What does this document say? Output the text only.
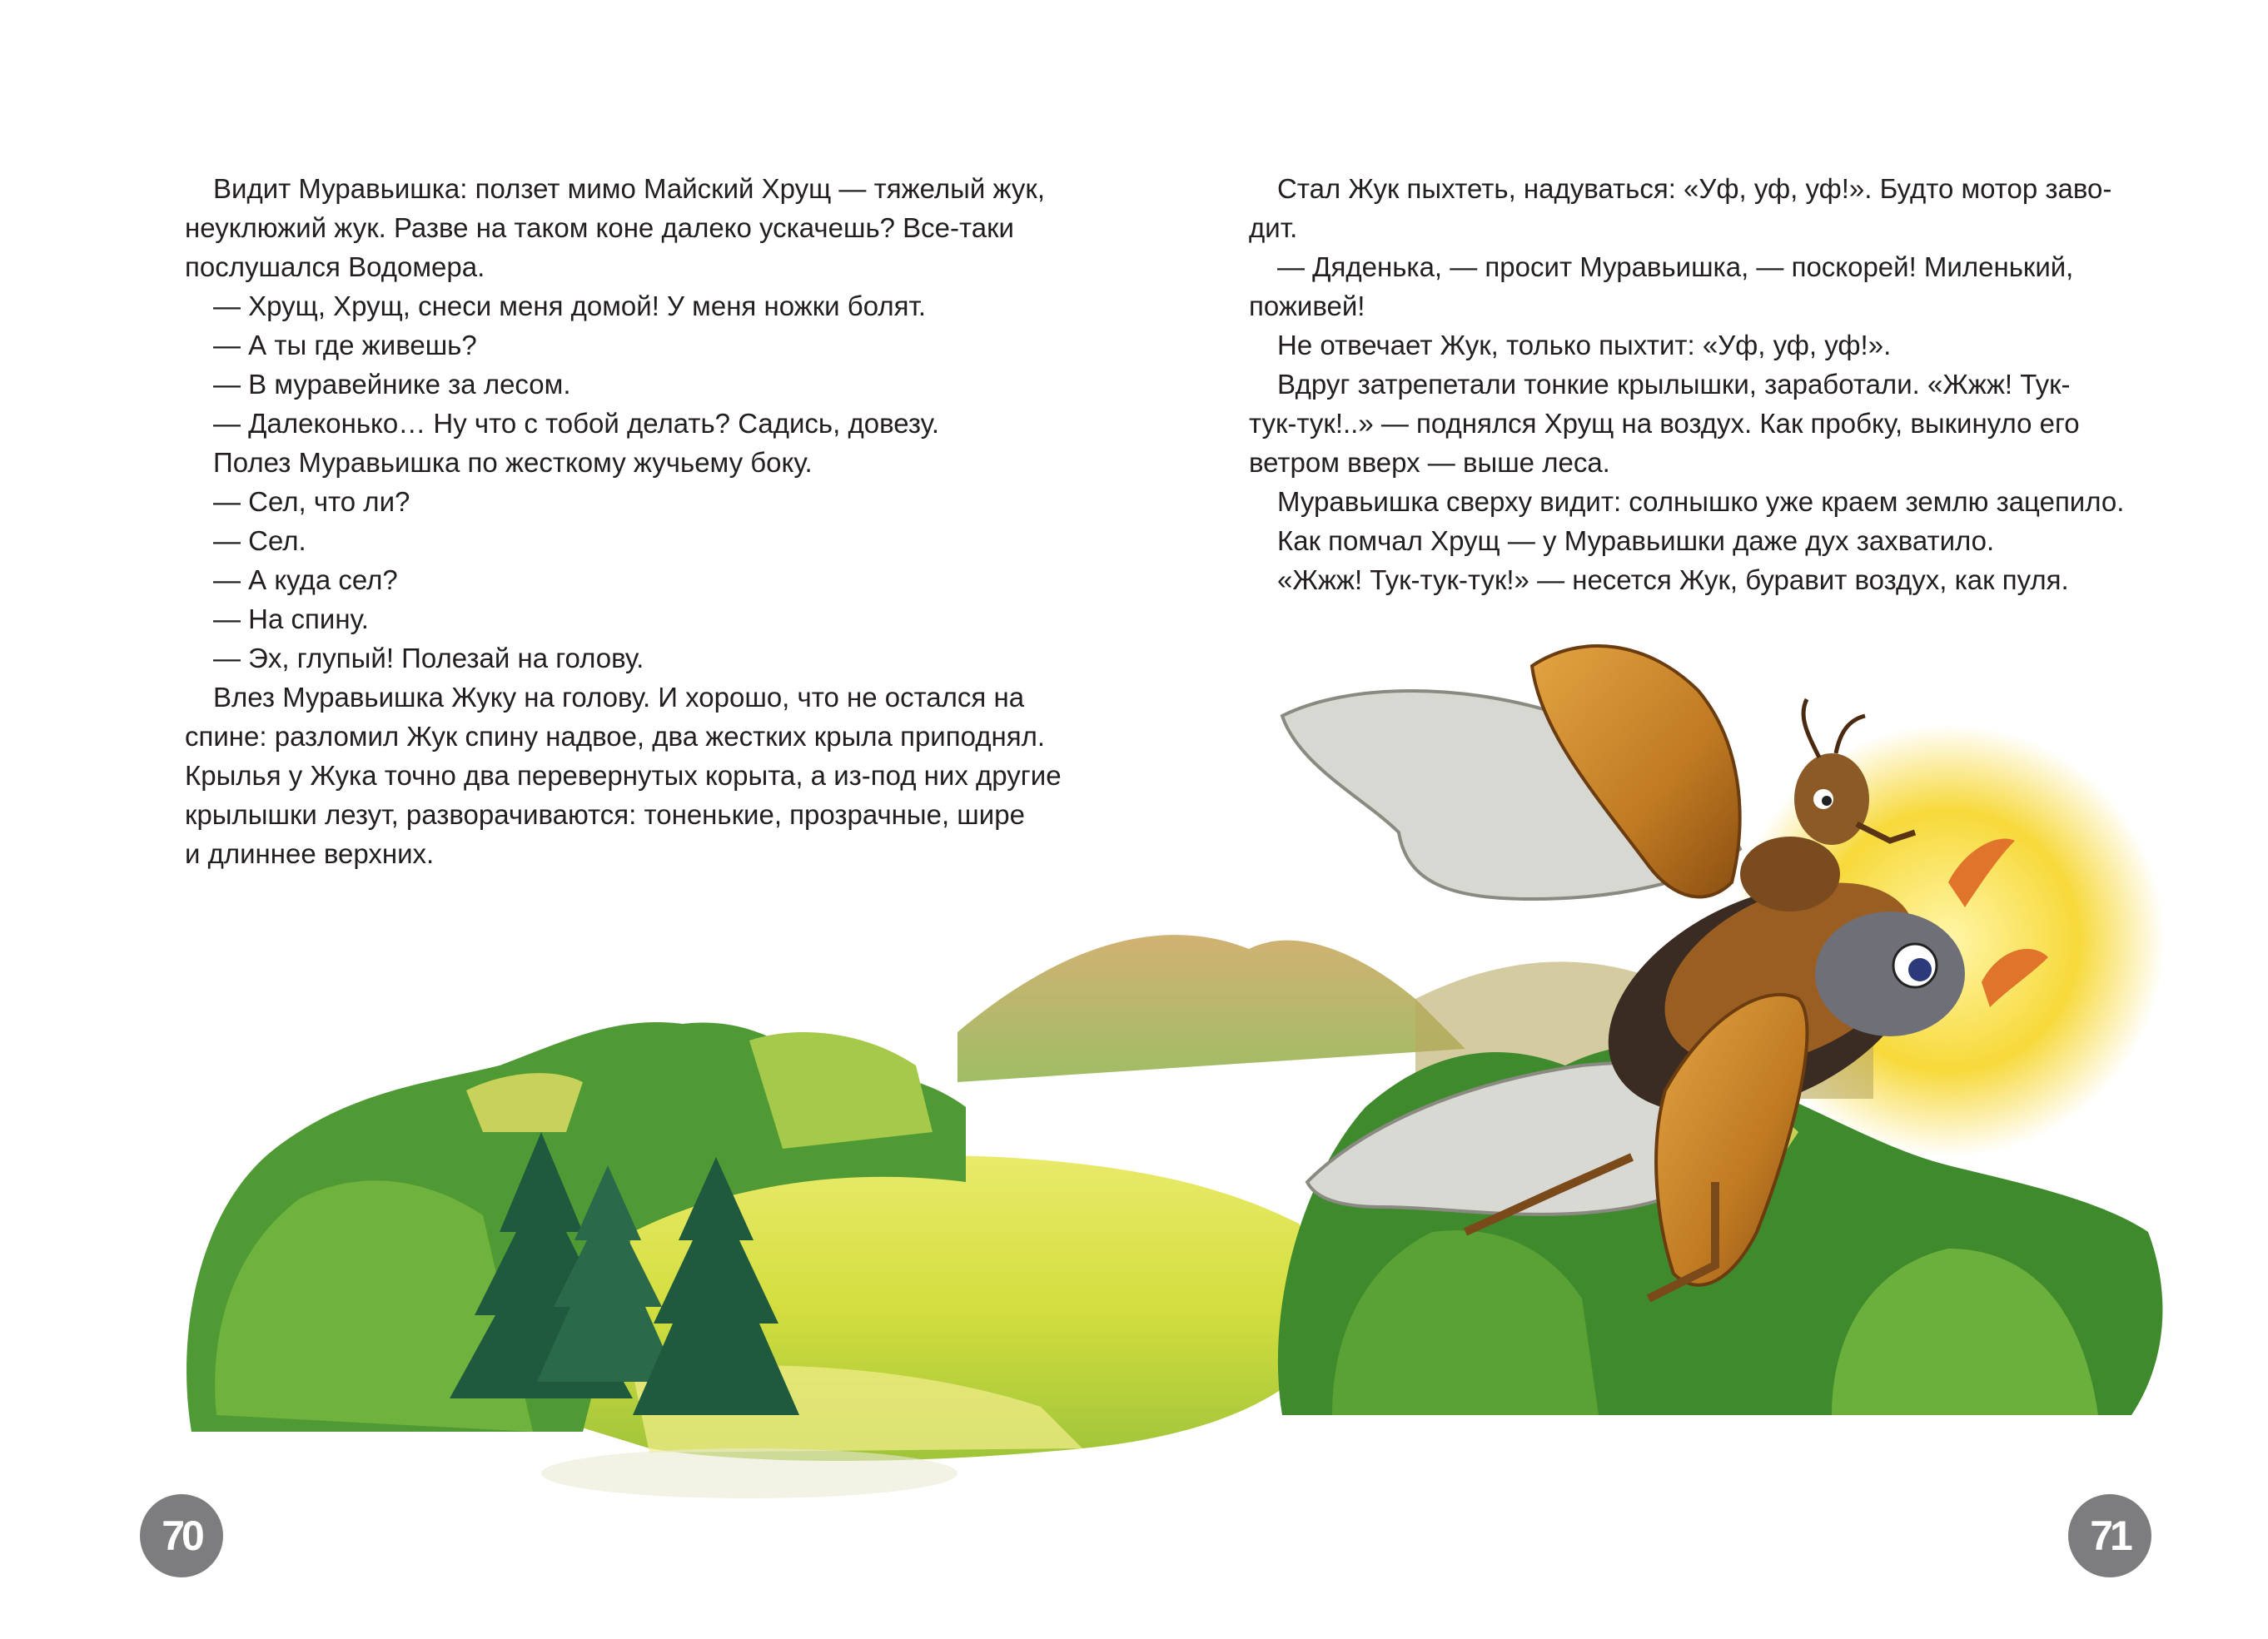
Видит Муравьишка: ползет мимо Майский Хрущ — тяжелый жук,

неуклюжий жук. Разве на таком коне далеко ускачешь? Все-таки

послушался Водомера.

— Хрущ, Хрущ, снеси меня домой! У меня ножки болят.

— А ты где живешь?

— В муравейнике за лесом.

— Далеконько… Ну что с тобой делать? Садись, довезу.

Полез Муравьишка по жесткому жучьему боку.

— Сел, что ли?

— Сел.

— А куда сел?

— На спину.

— Эх, глупый! Полезай на голову.

Влез Муравьишка Жуку на голову. И хорошо, что не остался на

спине: разломил Жук спину надвое, два жестких крыла приподнял.

Крылья у Жука точно два перевернутых корыта, а из-под них другие

крылышки лезут, разворачиваются: тоненькие, прозрачные, шире

и длиннее верхних.

70

Стал Жук пыхтеть, надуваться: «Уф, уф, уф!». Будто мотор заво-

дит.

— Дяденька, — просит Муравьишка, — поскорей! Миленький,

поживей!

Не отвечает Жук, только пыхтит: «Уф, уф, уф!».

Вдруг затрепетали тонкие крылышки, заработали. «Жжж! Тук-

тук-тук!..» — поднялся Хрущ на воздух. Как пробку, выкинуло его

ветром вверх — выше леса.

Муравьишка сверху видит: солнышко уже краем землю зацепило.

Как помчал Хрущ — у Муравьишки даже дух захватило.

«Жжж! Тук-тук-тук!» — несется Жук, буравит воздух, как пуля.

71
